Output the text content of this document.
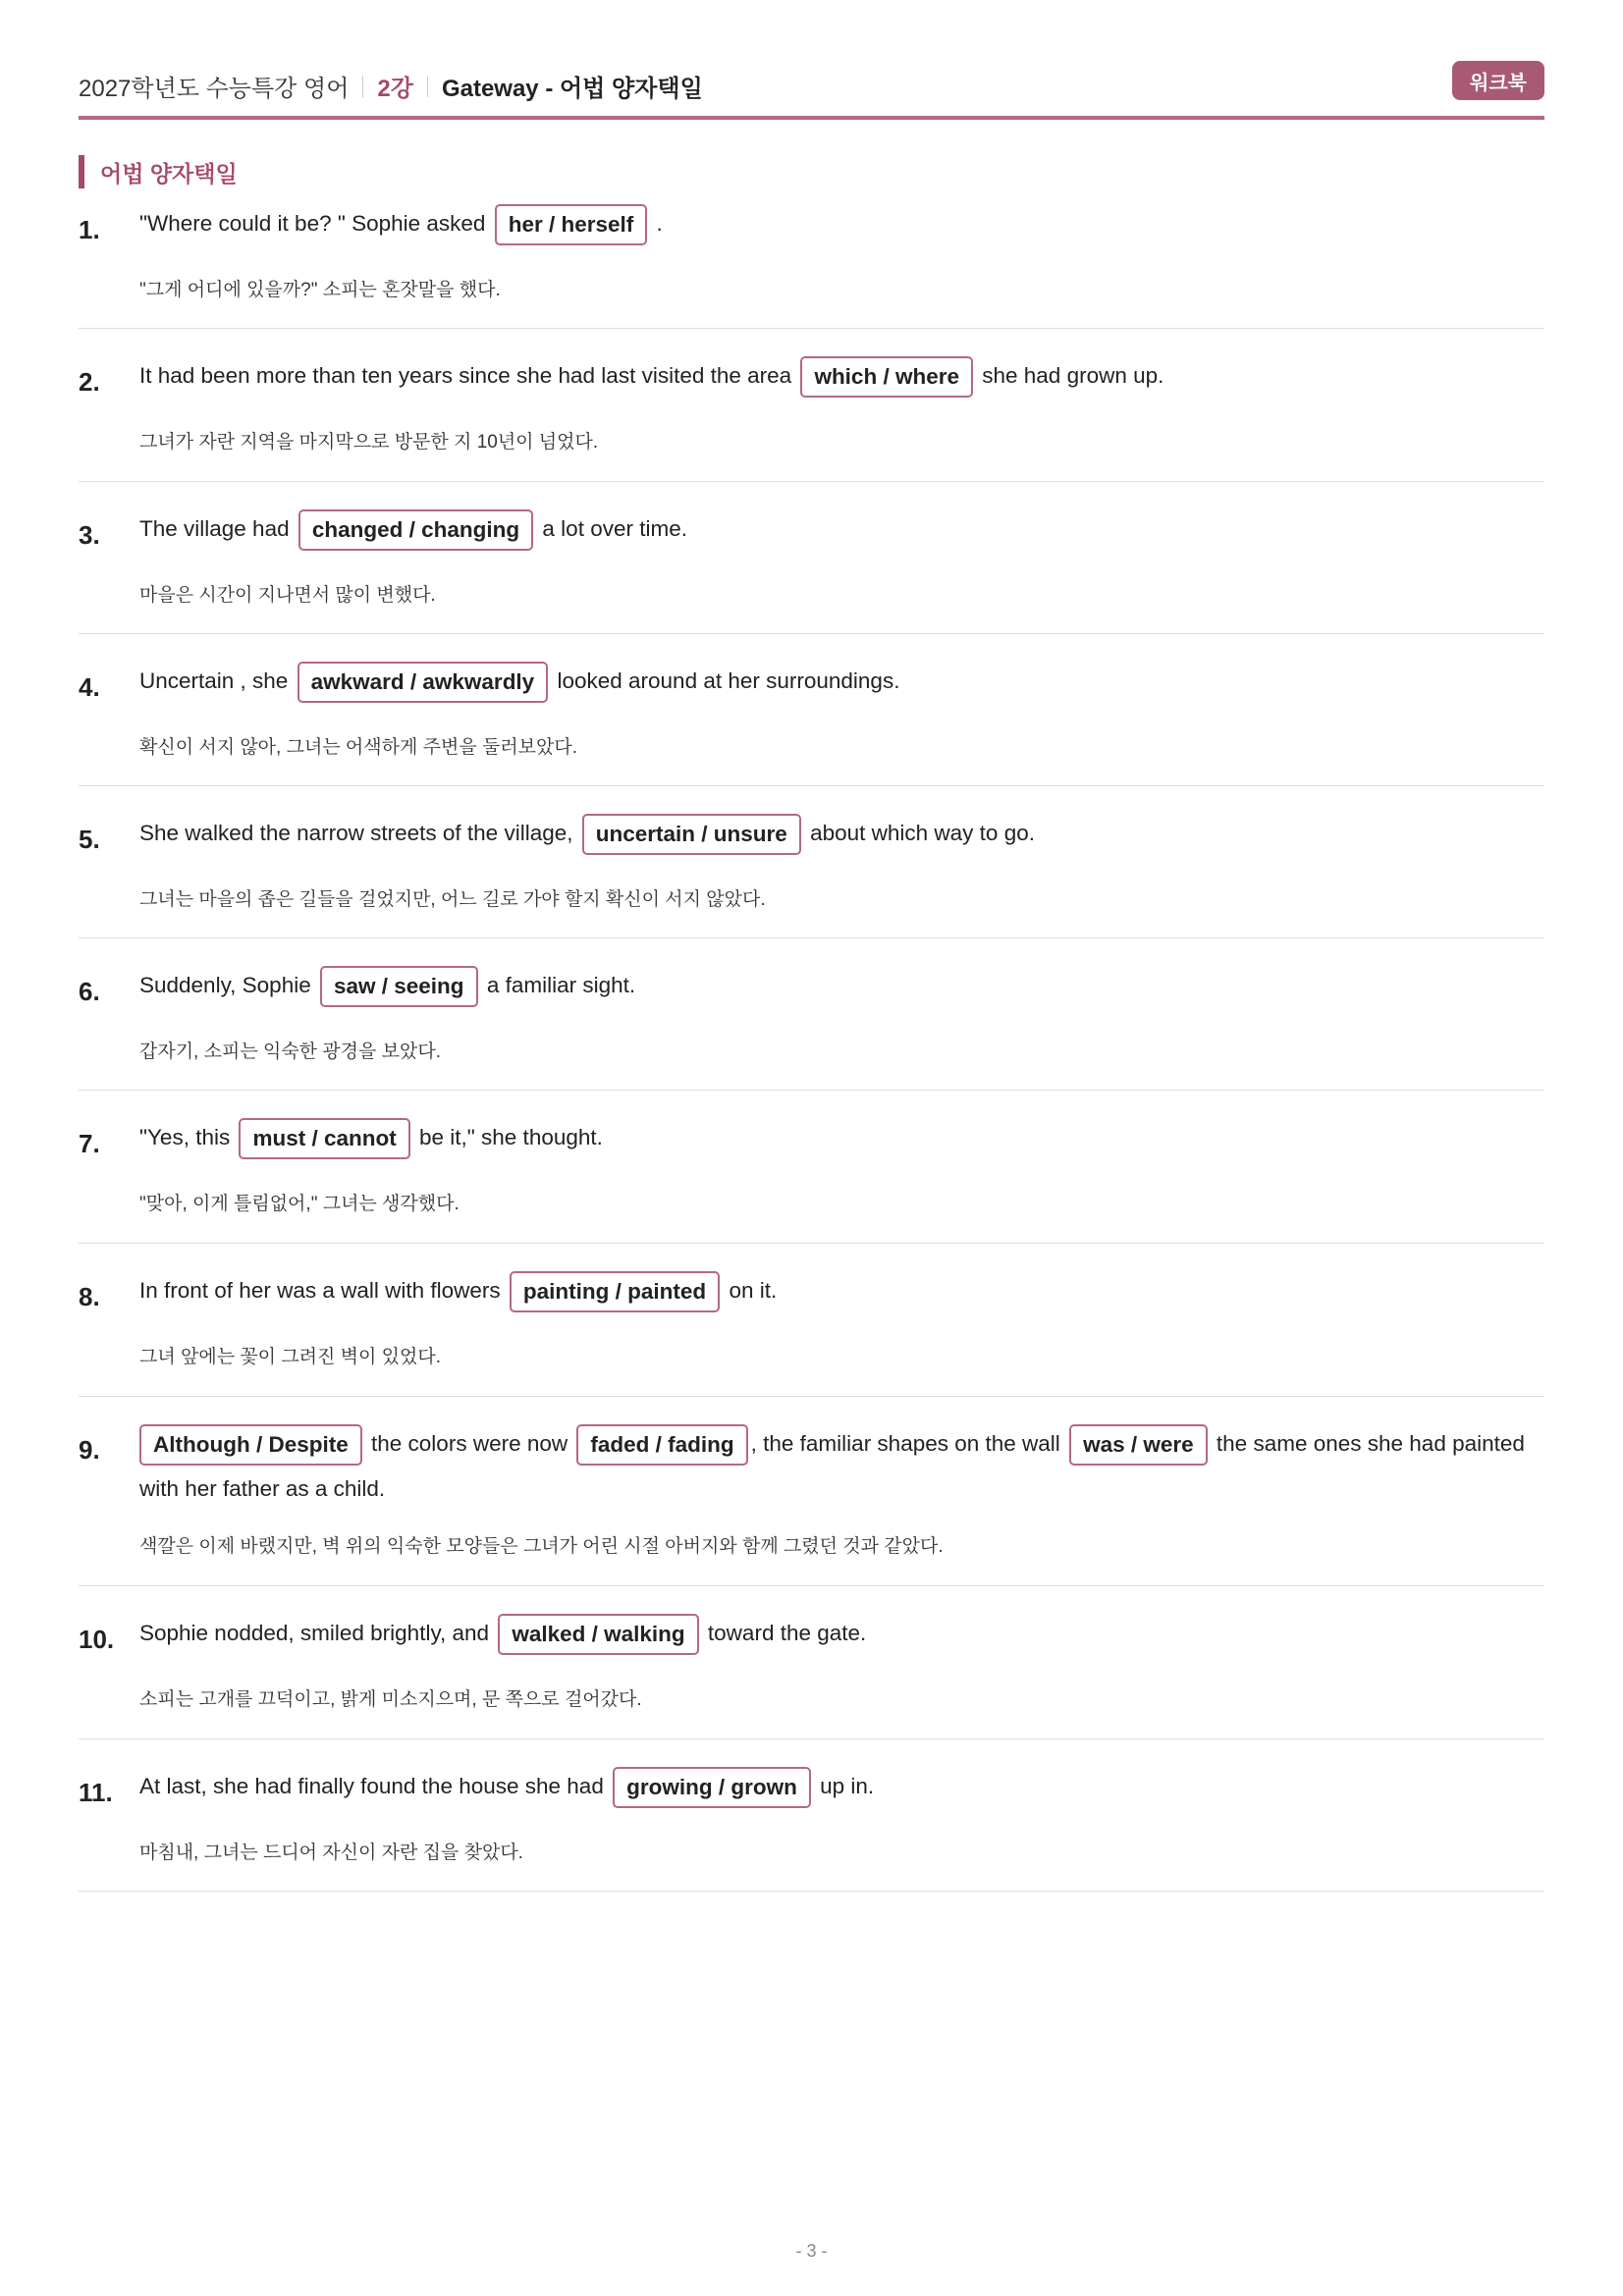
2027학년도 수능특강 영어 2강 Gateway - 어법 양자택일	워크북
어법 양자택일
1. "Where could it be? " Sophie asked her / herself .
"그게 어디에 있을까?" 소피는 혼잣말을 했다.
2. It had been more than ten years since she had last visited the area which / where she had grown up.
그녀가 자란 지역을 마지막으로 방문한 지 10년이 넘었다.
3. The village had changed / changing a lot over time.
마을은 시간이 지나면서 많이 변했다.
4. Uncertain , she awkward / awkwardly looked around at her surroundings.
확신이 서지 않아, 그녀는 어색하게 주변을 둘러보았다.
5. She walked the narrow streets of the village, uncertain / unsure about which way to go.
그녀는 마을의 좁은 길들을 걸었지만, 어느 길로 가야 할지 확신이 서지 않았다.
6. Suddenly, Sophie saw / seeing a familiar sight.
갑자기, 소피는 익숙한 광경을 보았다.
7. "Yes, this must / cannot be it," she thought.
"맞아, 이게 틀림없어," 그녀는 생각했다.
8. In front of her was a wall with flowers painting / painted on it.
그녀 앞에는 꽃이 그려진 벽이 있었다.
9.	Although / Despite the colors were now faded / fading , the familiar shapes on the wall was / were the same ones she had painted with her father as a child.
색깔은 이제 바랬지만, 벽 위의 익숙한 모양들은 그녀가 어린 시절 아버지와 함께 그렸던 것과 같았다.
10. Sophie nodded, smiled brightly, and walked / walking toward the gate.
소피는 고개를 끄덕이고, 밝게 미소지으며, 문 쪽으로 걸어갔다.
11. At last, she had finally found the house she had growing / grown up in.
마침내, 그녀는 드디어 자신이 자란 집을 찾았다.
- 3 -
